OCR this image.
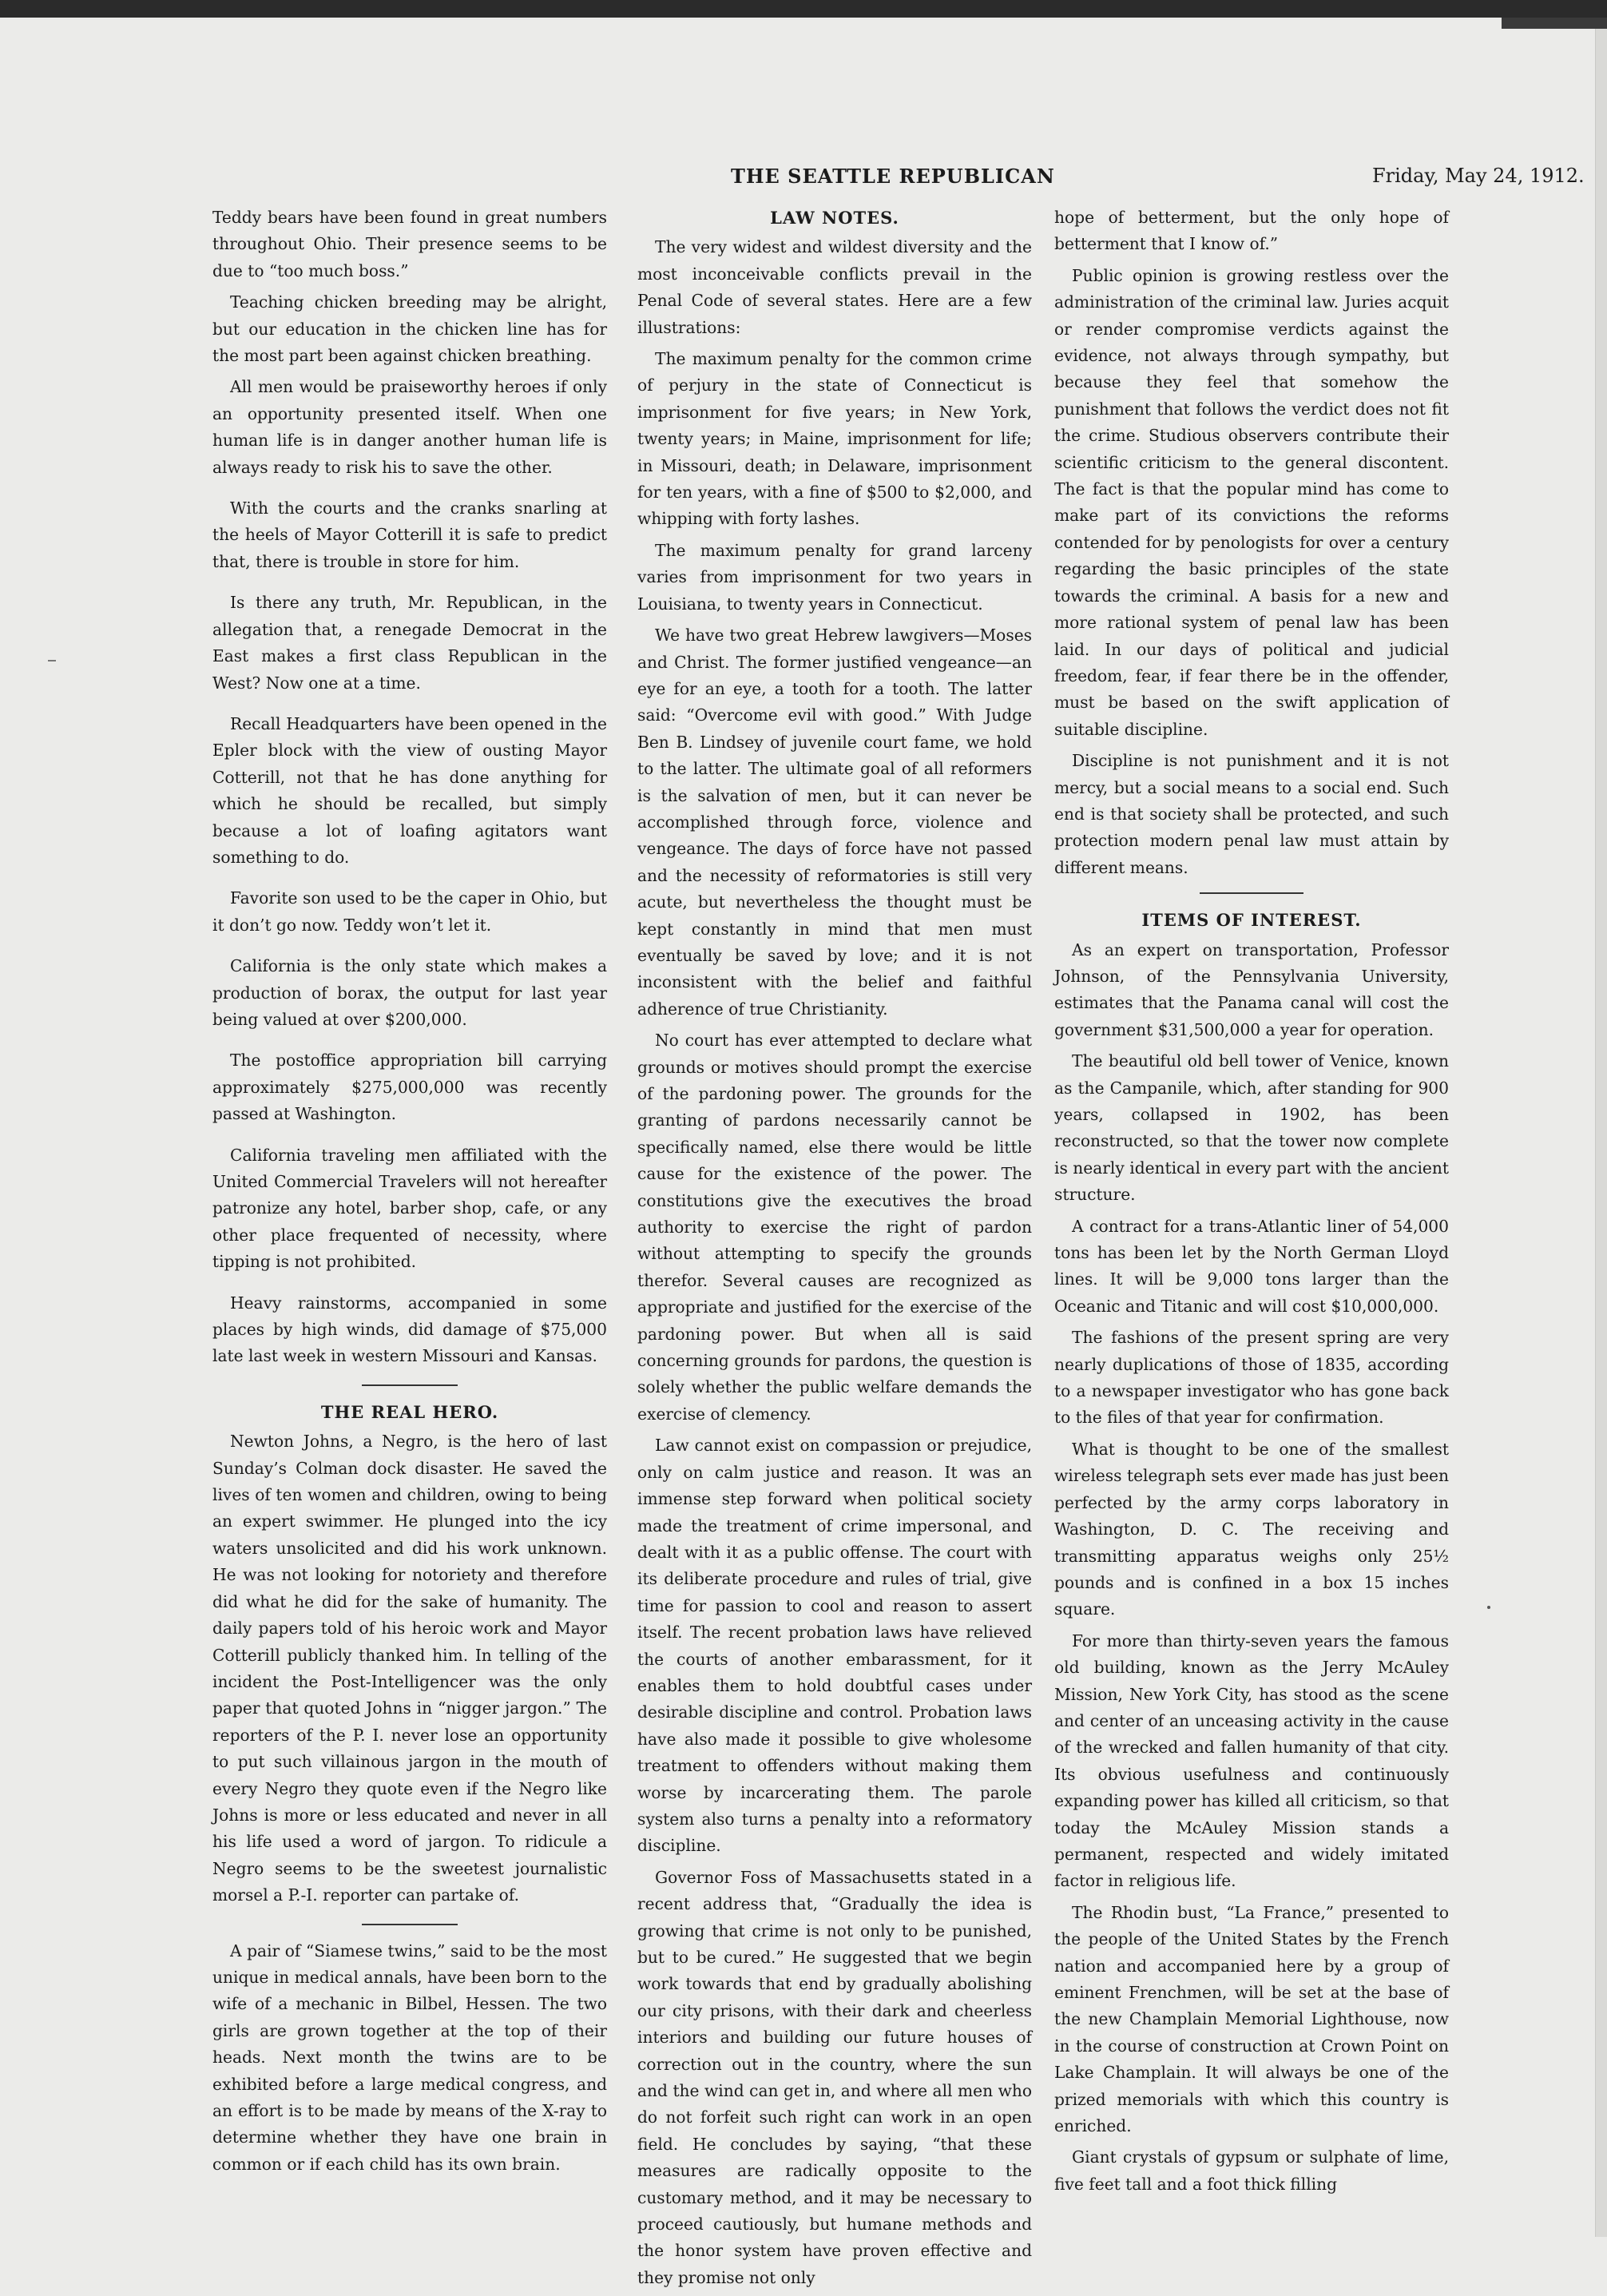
THE SEATTLE REPUBLICAN	Friday, May 24, 1912.

Teddy bears have been found in great numbers throughout Ohio. Their presence seems to be due to “too much boss.”

Teaching chicken breeding may be alright, but our education in the chicken line has for the most part been against chicken breathing.

All men would be praiseworthy heroes if only an opportunity presented itself. When one human life is in danger another human life is always ready to risk his to save the other.

With the courts and the cranks snarling at the heels of Mayor Cotterill it is safe to predict that, there is trouble in store for him.

Is there any truth, Mr. Republican, in the allegation that, a renegade Democrat in the East makes a first class Republican in the West? Now one at a time.

Recall Headquarters have been opened in the Epler block with the view of ousting Mayor Cotterill, not that he has done anything for which he should be recalled, but simply because a lot of loafing agitators want something to do.

Favorite son used to be the caper in Ohio, but it don’t go now. Teddy won’t let it.

California is the only state which makes a production of borax, the output for last year being valued at over $200,000.

The postoffice appropriation bill carrying approximately $275,000,000 was recently passed at Washington.

California traveling men affiliated with the United Commercial Travelers will not hereafter patronize any hotel, barber shop, cafe, or any other place frequented of necessity, where tipping is not prohibited.

Heavy rainstorms, accompanied in some places by high winds, did damage of $75,000 late last week in western Missouri and Kansas.

THE REAL HERO.

Newton Johns, a Negro, is the hero of last Sunday’s Colman dock disaster. He saved the lives of ten women and children, owing to being an expert swimmer. He plunged into the icy waters unsolicited and did his work unknown. He was not looking for notoriety and therefore did what he did for the sake of humanity. The daily papers told of his heroic work and Mayor Cotterill publicly thanked him. In telling of the incident the Post-Intelligencer was the only paper that quoted Johns in “nigger jargon.” The reporters of the P. I. never lose an opportunity to put such villainous jargon in the mouth of every Negro they quote even if the Negro like Johns is more or less educated and never in all his life used a word of jargon. To ridicule a Negro seems to be the sweetest journalistic morsel a P.-I. reporter can partake of.

A pair of “Siamese twins,” said to be the most unique in medical annals, have been born to the wife of a mechanic in Bilbel, Hessen. The two girls are grown together at the top of their heads. Next month the twins are to be exhibited before a large medical congress, and an effort is to be made by means of the X-ray to determine whether they have one brain in common or if each child has its own brain.

LAW NOTES.

The very widest and wildest diversity and the most inconceivable conflicts prevail in the Penal Code of several states. Here are a few illustrations:

The maximum penalty for the common crime of perjury in the state of Connecticut is imprisonment for five years; in New York, twenty years; in Maine, imprisonment for life; in Missouri, death; in Delaware, imprisonment for ten years, with a fine of $500 to $2,000, and whipping with forty lashes.

The maximum penalty for grand larceny varies from imprisonment for two years in Louisiana, to twenty years in Connecticut.

We have two great Hebrew lawgivers—Moses and Christ. The former justified vengeance—an eye for an eye, a tooth for a tooth. The latter said: “Overcome evil with good.” With Judge Ben B. Lindsey of juvenile court fame, we hold to the latter. The ultimate goal of all reformers is the salvation of men, but it can never be accomplished through force, violence and vengeance. The days of force have not passed and the necessity of reformatories is still very acute, but nevertheless the thought must be kept constantly in mind that men must eventually be saved by love; and it is not inconsistent with the belief and faithful adherence of true Christianity.

No court has ever attempted to declare what grounds or motives should prompt the exercise of the pardoning power. The grounds for the granting of pardons necessarily cannot be specifically named, else there would be little cause for the existence of the power. The constitutions give the executives the broad authority to exercise the right of pardon without attempting to specify the grounds therefor. Several causes are recognized as appropriate and justified for the exercise of the pardoning power. But when all is said concerning grounds for pardons, the question is solely whether the public welfare demands the exercise of clemency.

Law cannot exist on compassion or prejudice, only on calm justice and reason. It was an immense step forward when political society made the treatment of crime impersonal, and dealt with it as a public offense. The court with its deliberate procedure and rules of trial, give time for passion to cool and reason to assert itself. The recent probation laws have relieved the courts of another embarassment, for it enables them to hold doubtful cases under desirable discipline and control. Probation laws have also made it possible to give wholesome treatment to offenders without making them worse by incarcerating them. The parole system also turns a penalty into a reformatory discipline.

Governor Foss of Massachusetts stated in a recent address that, “Gradually the idea is growing that crime is not only to be punished, but to be cured.” He suggested that we begin work towards that end by gradually abolishing our city prisons, with their dark and cheerless interiors and building our future houses of correction out in the country, where the sun and the wind can get in, and where all men who do not forfeit such right can work in an open field. He concludes by saying, “that these measures are radically opposite to the customary method, and it may be necessary to proceed cautiously, but humane methods and the honor system have proven effective and they promise not only

hope of betterment, but the only hope of betterment that I know of.”

Public opinion is growing restless over the administration of the criminal law. Juries acquit or render compromise verdicts against the evidence, not always through sympathy, but because they feel that somehow the punishment that follows the verdict does not fit the crime. Studious observers contribute their scientific criticism to the general discontent. The fact is that the popular mind has come to make part of its convictions the reforms contended for by penologists for over a century regarding the basic principles of the state towards the criminal. A basis for a new and more rational system of penal law has been laid. In our days of political and judicial freedom, fear, if fear there be in the offender, must be based on the swift application of suitable discipline.

Discipline is not punishment and it is not mercy, but a social means to a social end. Such end is that society shall be protected, and such protection modern penal law must attain by different means.

ITEMS OF INTEREST.

As an expert on transportation, Professor Johnson, of the Pennsylvania University, estimates that the Panama canal will cost the government $31,500,000 a year for operation.

The beautiful old bell tower of Venice, known as the Campanile, which, after standing for 900 years, collapsed in 1902, has been reconstructed, so that the tower now complete is nearly identical in every part with the ancient structure.

A contract for a trans-Atlantic liner of 54,000 tons has been let by the North German Lloyd lines. It will be 9,000 tons larger than the Oceanic and Titanic and will cost $10,000,000.

The fashions of the present spring are very nearly duplications of those of 1835, according to a newspaper investigator who has gone back to the files of that year for confirmation.

What is thought to be one of the smallest wireless telegraph sets ever made has just been perfected by the army corps laboratory in Washington, D. C. The receiving and transmitting apparatus weighs only 25½ pounds and is confined in a box 15 inches square.

For more than thirty-seven years the famous old building, known as the Jerry McAuley Mission, New York City, has stood as the scene and center of an unceasing activity in the cause of the wrecked and fallen humanity of that city. Its obvious usefulness and continuously expanding power has killed all criticism, so that today the McAuley Mission stands a permanent, respected and widely imitated factor in religious life.

The Rhodin bust, “La France,” presented to the people of the United States by the French nation and accompanied here by a group of eminent Frenchmen, will be set at the base of the new Champlain Memorial Lighthouse, now in the course of construction at Crown Point on Lake Champlain. It will always be one of the prized memorials with which this country is enriched.

Giant crystals of gypsum or sulphate of lime, five feet tall and a foot thick filling
